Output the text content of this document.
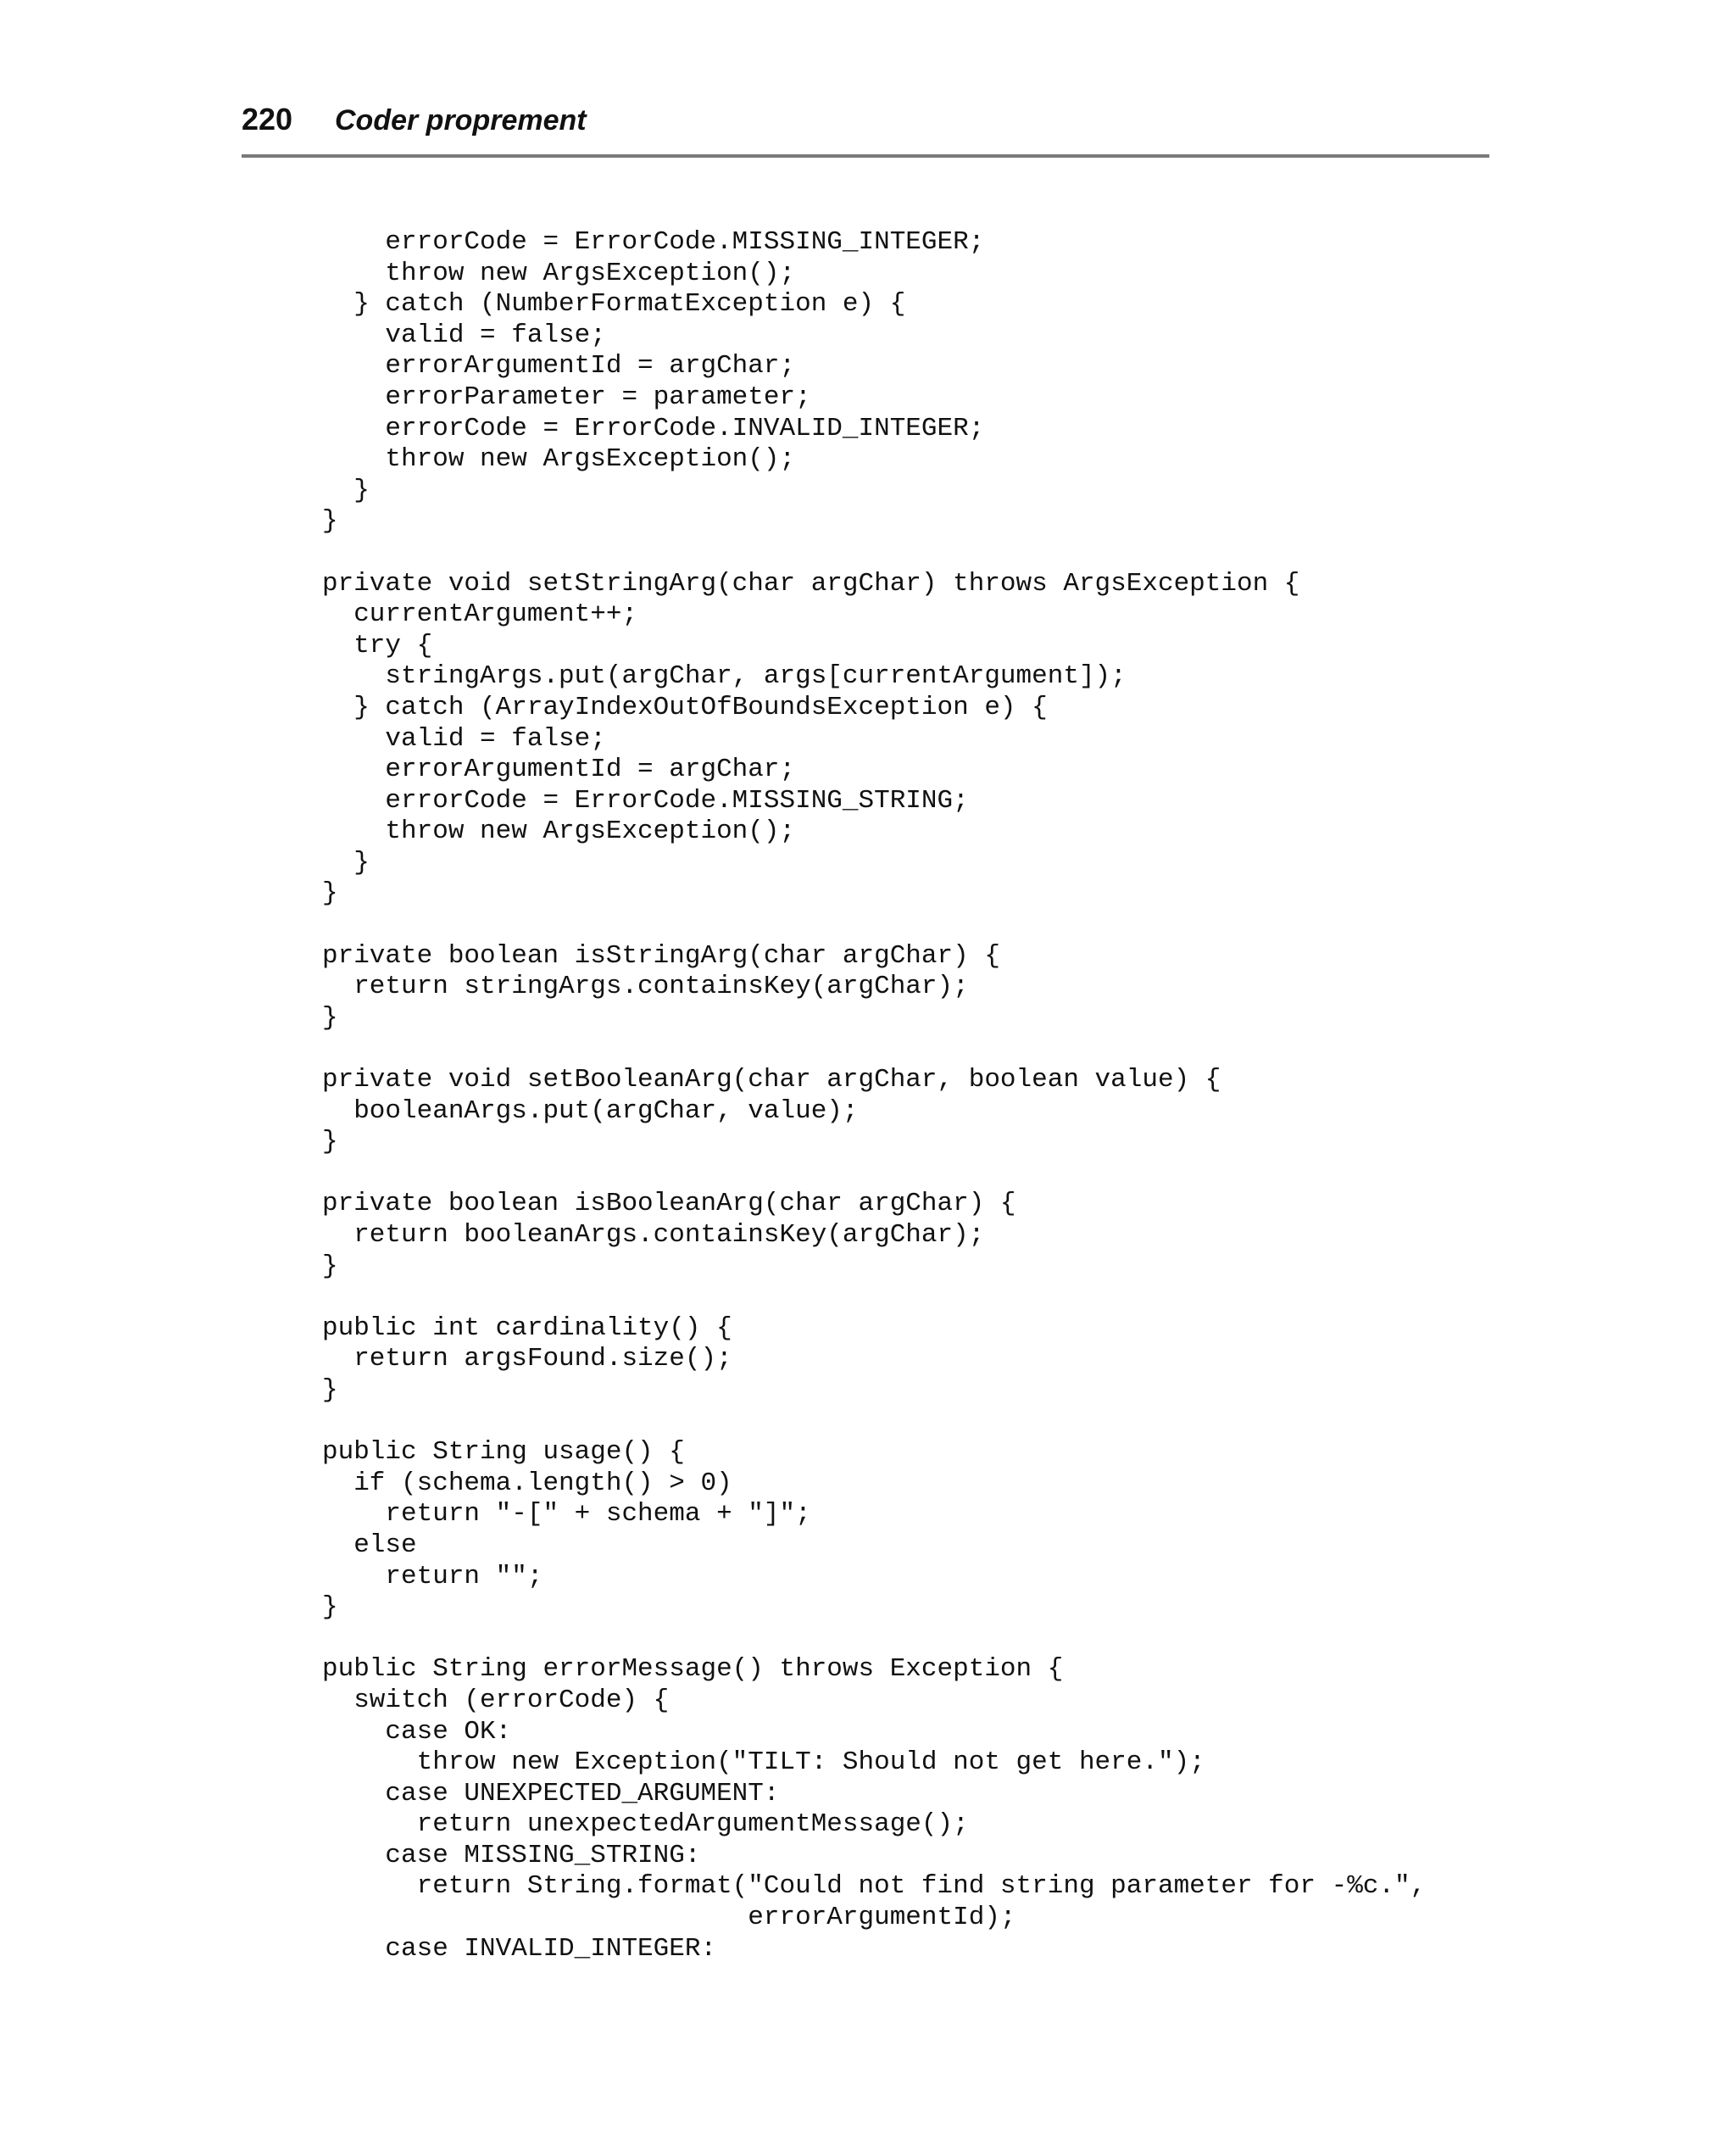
220 Coder proprement
errorCode = ErrorCode.MISSING_INTEGER;
throw new ArgsException();
} catch (NumberFormatException e) {
valid = false;
errorArgumentId = argChar;
errorParameter = parameter;
errorCode = ErrorCode.INVALID_INTEGER;
throw new ArgsException();
}
}

private void setStringArg(char argChar) throws ArgsException {
currentArgument++;
try {
stringArgs.put(argChar, args[currentArgument]);
} catch (ArrayIndexOutOfBoundsException e) {
valid = false;
errorArgumentId = argChar;
errorCode = ErrorCode.MISSING_STRING;
throw new ArgsException();
}
}

private boolean isStringArg(char argChar) {
return stringArgs.containsKey(argChar);
}

private void setBooleanArg(char argChar, boolean value) {
booleanArgs.put(argChar, value);
}

private boolean isBooleanArg(char argChar) {
return booleanArgs.containsKey(argChar);
}

public int cardinality() {
return argsFound.size();
}

public String usage() {
if (schema.length() > 0)
return "-[" + schema + "]";
else
return "";
}

public String errorMessage() throws Exception {
switch (errorCode) {
case OK:
throw new Exception("TILT: Should not get here.");
case UNEXPECTED_ARGUMENT:
return unexpectedArgumentMessage();
case MISSING_STRING:
return String.format("Could not find string parameter for -%c.",
errorArgumentId);
case INVALID_INTEGER:
